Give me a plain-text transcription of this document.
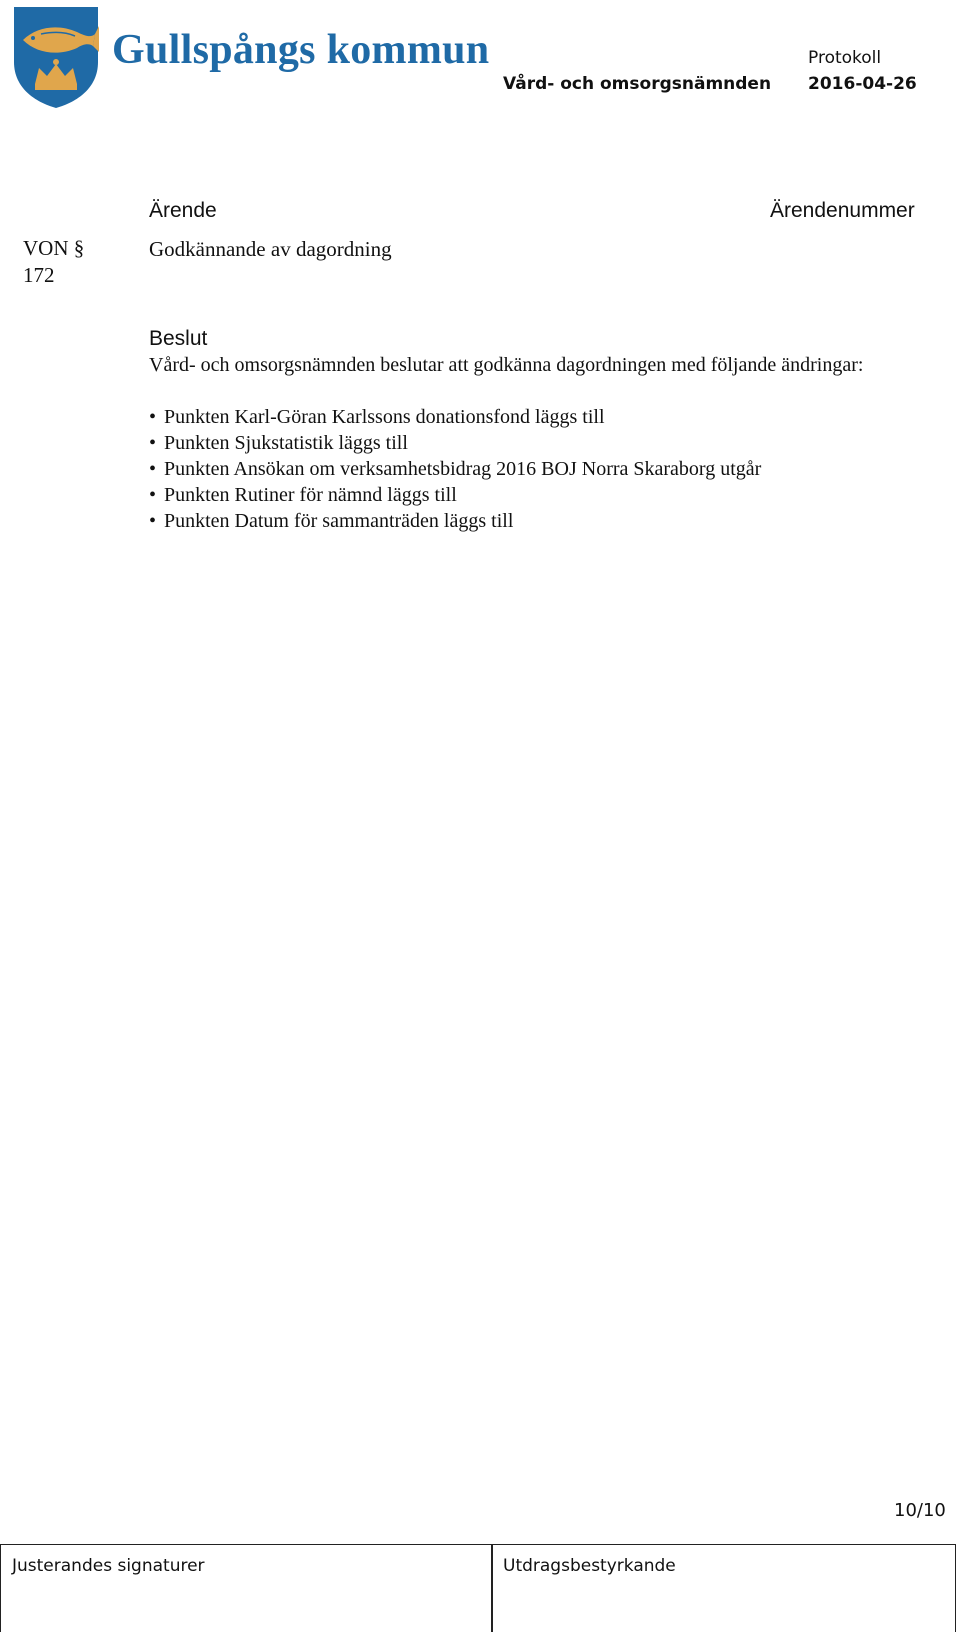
Gullspångs kommun	Protokoll
Vård- och omsorgsnämnden 2016-04-26
Ärende	Ärendenummer
VON § 172
Godkännande av dagordning
Beslut
Vård- och omsorgsnämnden beslutar att godkänna dagordningen med följande ändringar:
• Punkten Karl-Göran Karlssons donationsfond läggs till
• Punkten Sjukstatistik läggs till
• Punkten Ansökan om verksamhetsbidrag 2016 BOJ Norra Skaraborg utgår
• Punkten Rutiner för nämnd läggs till
• Punkten Datum för sammanträden läggs till
10/10
Justerandes signaturer	Utdragsbestyrkande
